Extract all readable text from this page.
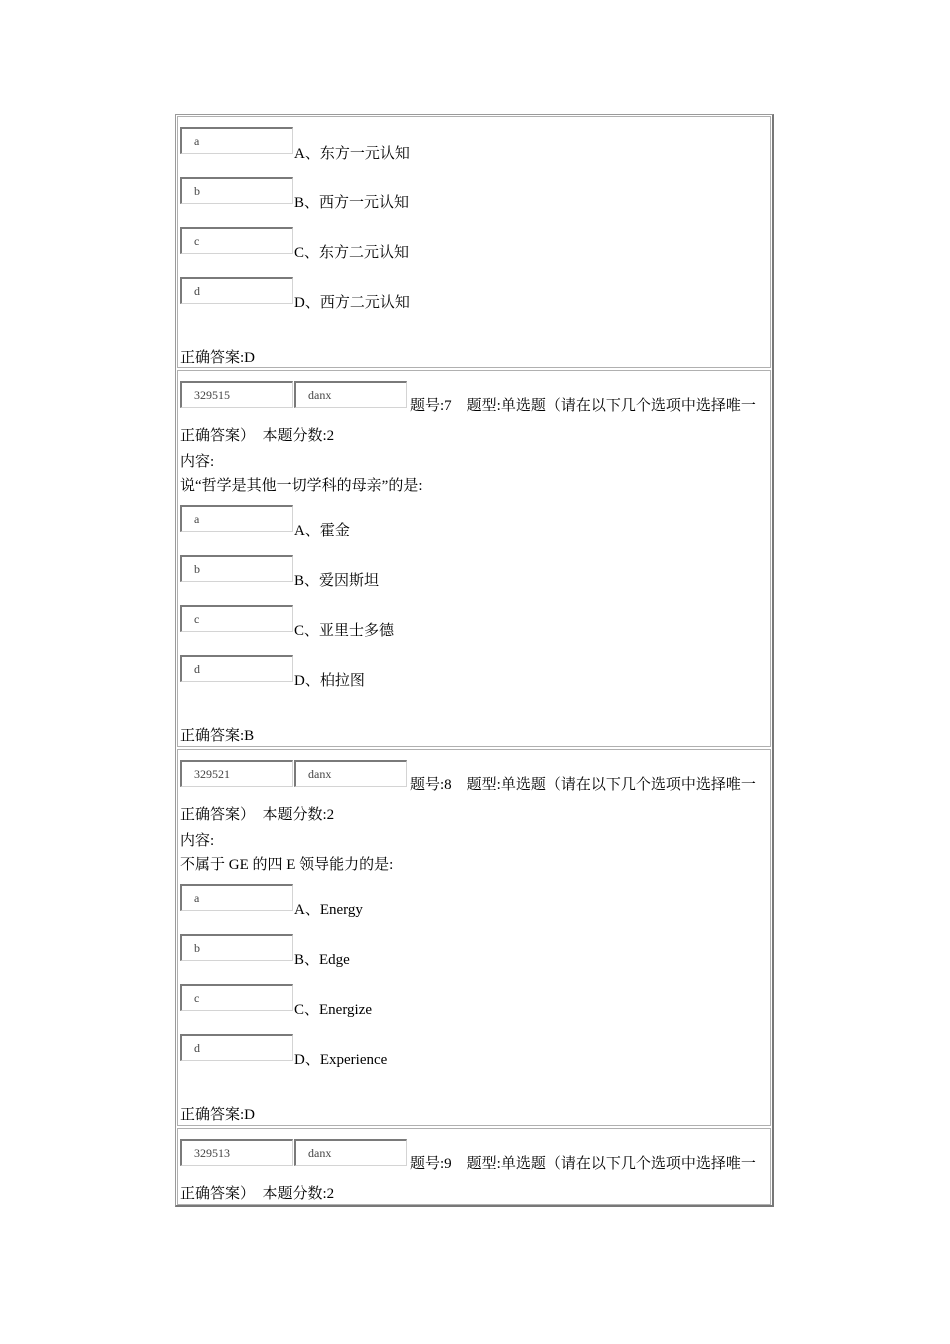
a
A、东方一元认知
b
B、西方一元认知
c
C、东方二元认知
d
D、西方二元认知
正确答案:D
329515	danx
题号:7　题型:单选题（请在以下几个选项中选择唯一
正确答案）　本题分数:2
内容:
说“哲学是其他一切学科的母亲”的是:
a
A、霍金
b
B、爱因斯坦
c
C、亚里士多德
d
D、柏拉图
正确答案:B
329521	danx
题号:8　题型:单选题（请在以下几个选项中选择唯一
正确答案）　本题分数:2
内容:
不属于 GE 的四 E 领导能力的是:
a
A、Energy
b
B、Edge
c
C、Energize
d
D、Experience
正确答案:D
329513	danx
题号:9　题型:单选题（请在以下几个选项中选择唯一
正确答案）　本题分数:2
